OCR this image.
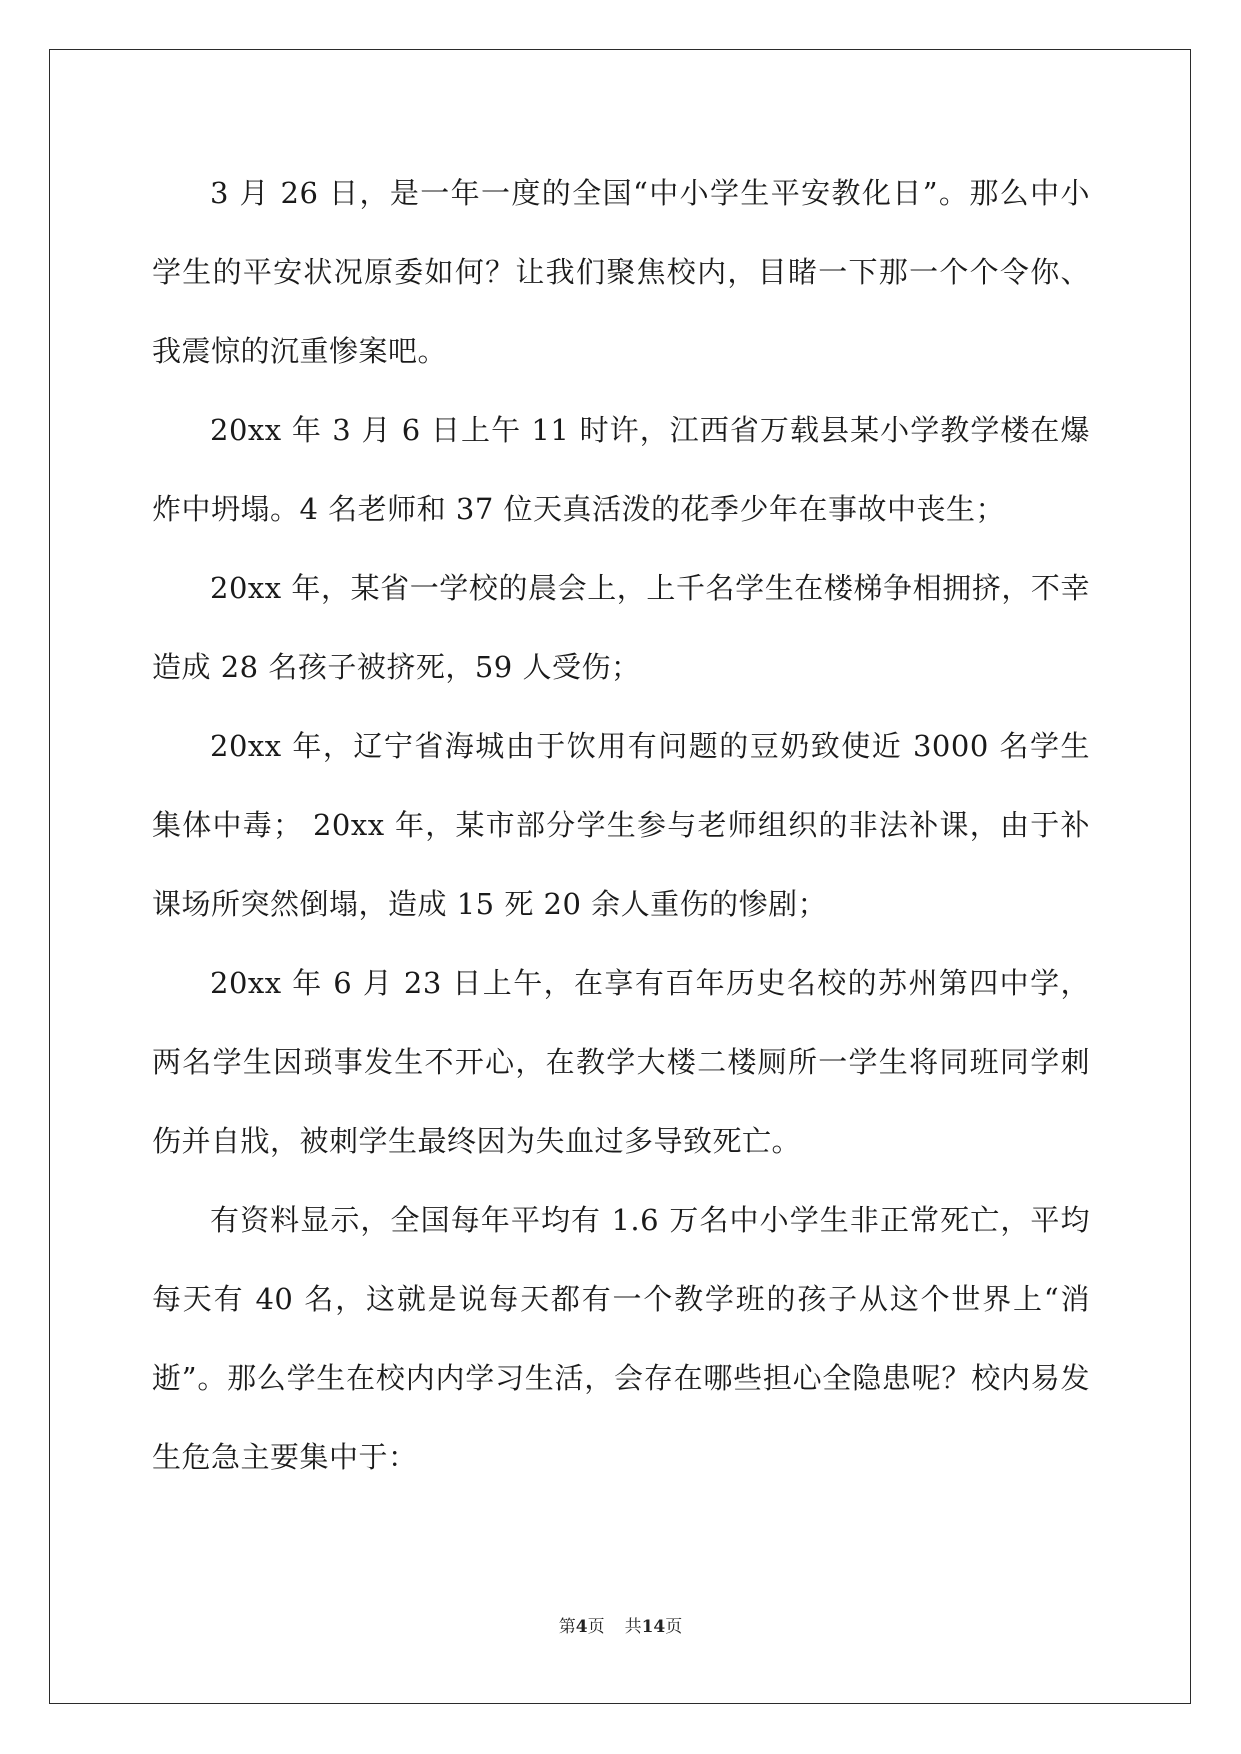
3 月 26 日，是一年一度的全国“中小学生平安教化日”。那么中小学生的平安状况原委如何？让我们聚焦校内，目睹一下那一个个令你、我震惊的沉重惨案吧。

20xx 年 3 月 6 日上午 11 时许，江西省万载县某小学教学楼在爆炸中坍塌。4 名老师和 37 位天真活泼的花季少年在事故中丧生；

20xx 年，某省一学校的晨会上，上千名学生在楼梯争相拥挤，不幸造成 28 名孩子被挤死，59 人受伤；

20xx 年，辽宁省海城由于饮用有问题的豆奶致使近 3000 名学生集体中毒； 20xx 年，某市部分学生参与老师组织的非法补课，由于补课场所突然倒塌，造成 15 死 20 余人重伤的惨剧；

20xx 年 6 月 23 日上午，在享有百年历史名校的苏州第四中学，两名学生因琐事发生不开心，在教学大楼二楼厕所一学生将同班同学刺伤并自戕，被刺学生最终因为失血过多导致死亡。

有资料显示，全国每年平均有 1.6 万名中小学生非正常死亡，平均每天有 40 名，这就是说每天都有一个教学班的孩子从这个世界上“消逝”。那么学生在校内内学习生活，会存在哪些担心全隐患呢？校内易发生危急主要集中于：

第4页 共14页
